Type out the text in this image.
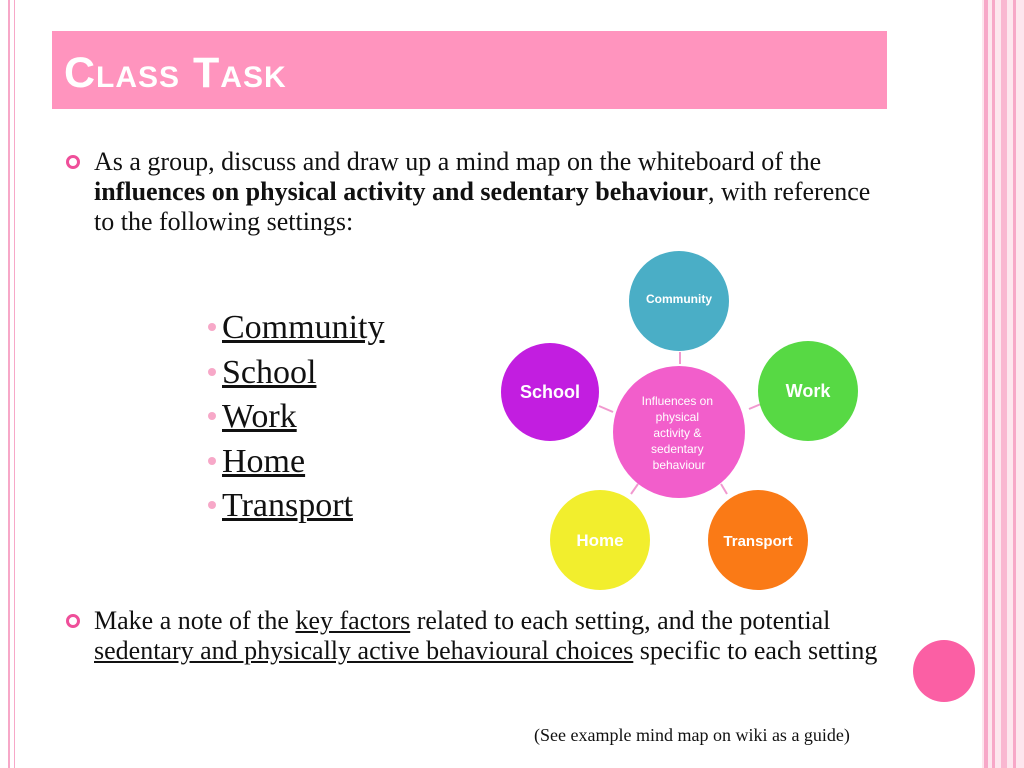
Class Task
As a group, discuss and draw up a mind map on the whiteboard of the influences on physical activity and sedentary behaviour, with reference to the following settings:
Community
School
Work
Home
Transport
Influences on physical activity & sedentary behaviour
Community
School	Work
Home	Transport
Make a note of the key factors related to each setting, and the potential sedentary and physically active behavioural choices specific to each setting
(See example mind map on wiki as a guide)
